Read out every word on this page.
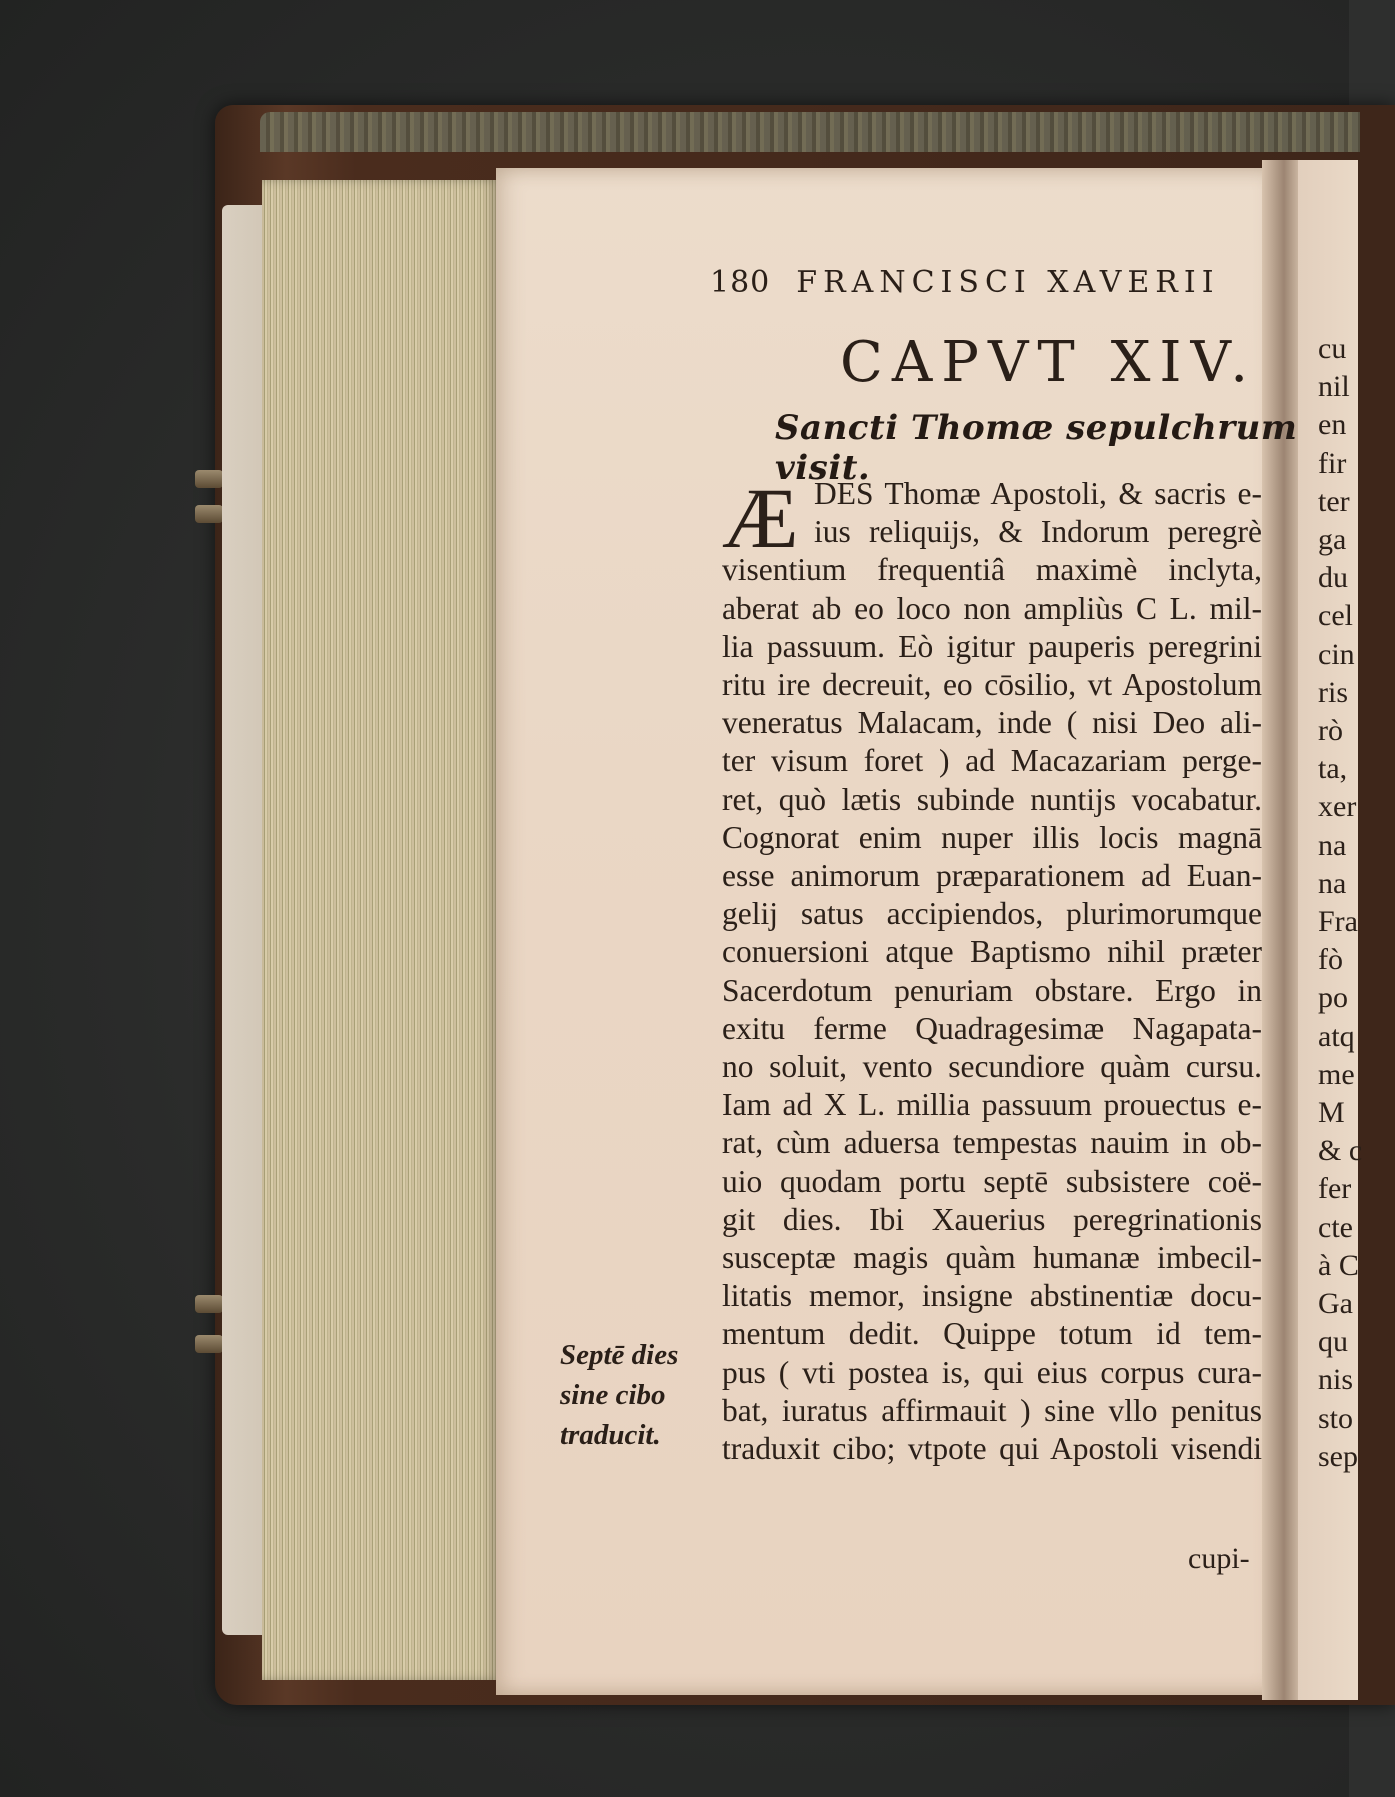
180 FRANCISCI XAVERII
CAPVT XIV.
Sancti Thomæ sepulchrum visit.
Æ DES Thomæ Apostoli, & sacris e-
ius reliquijs, & Indorum peregrè
visentium frequentiâ maximè inclyta,
aberat ab eo loco non ampliùs C L. mil-
lia passuum. Eò igitur pauperis peregrini
ritu ire decreuit, eo cōsilio, vt Apostolum
veneratus Malacam, inde ( nisi Deo ali-
ter visum foret ) ad Macazariam perge-
ret, quò lætis subinde nuntijs vocabatur.
Cognorat enim nuper illis locis magnā
esse animorum præparationem ad Euan-
gelij satus accipiendos, plurimorumque
conuersioni atque Baptismo nihil præter
Sacerdotum penuriam obstare. Ergo in
exitu ferme Quadragesimæ Nagapata-
no soluit, vento secundiore quàm cursu.
Iam ad X L. millia passuum prouectus e-
rat, cùm aduersa tempestas nauim in ob-
uio quodam portu septē subsistere coë-
git dies. Ibi Xauerius peregrinationis
susceptæ magis quàm humanæ imbecil-
litatis memor, insigne abstinentiæ docu-
mentum dedit. Quippe totum id tem-
pus ( vti postea is, qui eius corpus cura-
bat, iuratus affirmauit ) sine vllo penitus
traduxit cibo; vtpote qui Apostoli visendi
Septē dies
sine cibo
traducit.
cupi-
cu
nil
en
fir
ter
ga
du
cel
cin
ris
rò
ta,
xer
na
na
Fra
fò
po
atq
me
M
& c
fer
cte
à C
Ga
qu
nis
sto
sep
